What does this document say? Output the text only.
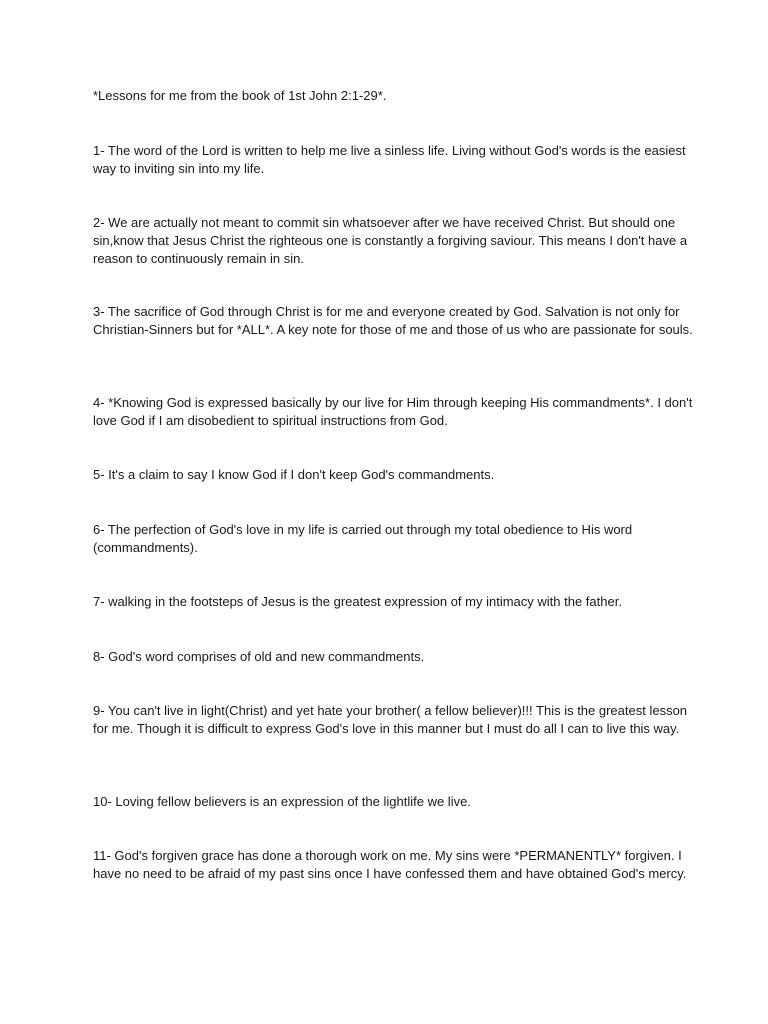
*Lessons for me from the book of 1st John 2:1-29*.

1- The word of the Lord is written to help me live a sinless life. Living without God's words is the easiest way to inviting sin into my life.

2- We are actually not meant to commit sin whatsoever after we have received Christ. But should one sin,know that Jesus Christ the righteous one is constantly a forgiving saviour. This means I don't have a reason to continuously remain in sin.

3- The sacrifice of God through Christ is for me and everyone created by God. Salvation is not only for Christian-Sinners but for *ALL*. A key note for those of me and those of us who are passionate for souls.

4- *Knowing God is expressed basically by our live for Him through keeping His commandments*. I don't love God if I am disobedient to spiritual instructions from God.

5- It's a claim to say I know God if I don't keep God's commandments.

6- The perfection of God's love in my life is carried out through my total obedience to His word (commandments).

7- walking in the footsteps of Jesus is the greatest expression of my intimacy with the father.

8- God's word comprises of old and new commandments.

9- You can't live in light(Christ) and yet hate your brother( a fellow believer)!!! This is the greatest lesson for me. Though it is difficult to express God's love in this manner but I must do all I can to live this way.

10- Loving fellow believers is an expression of the lightlife we live.

11- God's forgiven grace has done a thorough work on me. My sins were *PERMANENTLY* forgiven. I have no need to be afraid of my past sins once I have confessed them and have obtained God's mercy.
